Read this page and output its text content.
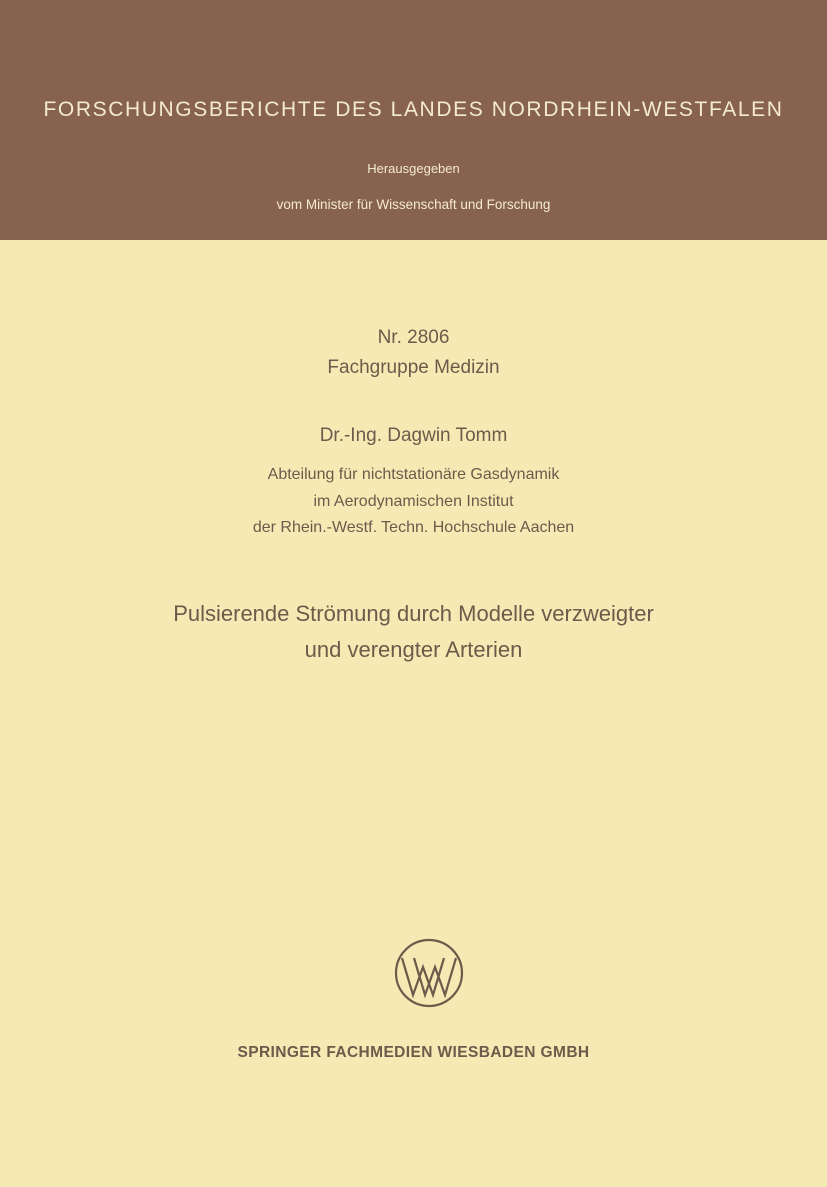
FORSCHUNGSBERICHTE DES LANDES NORDRHEIN-WESTFALEN
Herausgegeben
vom Minister für Wissenschaft und Forschung
Nr. 2806
Fachgruppe Medizin
Dr.-Ing. Dagwin Tomm
Abteilung für nichtstationäre Gasdynamik
im Aerodynamischen Institut
der Rhein.-Westf. Techn. Hochschule Aachen
Pulsierende Strömung durch Modelle verzweigter
und verengter Arterien
SPRINGER FACHMEDIEN WIESBADEN GMBH
